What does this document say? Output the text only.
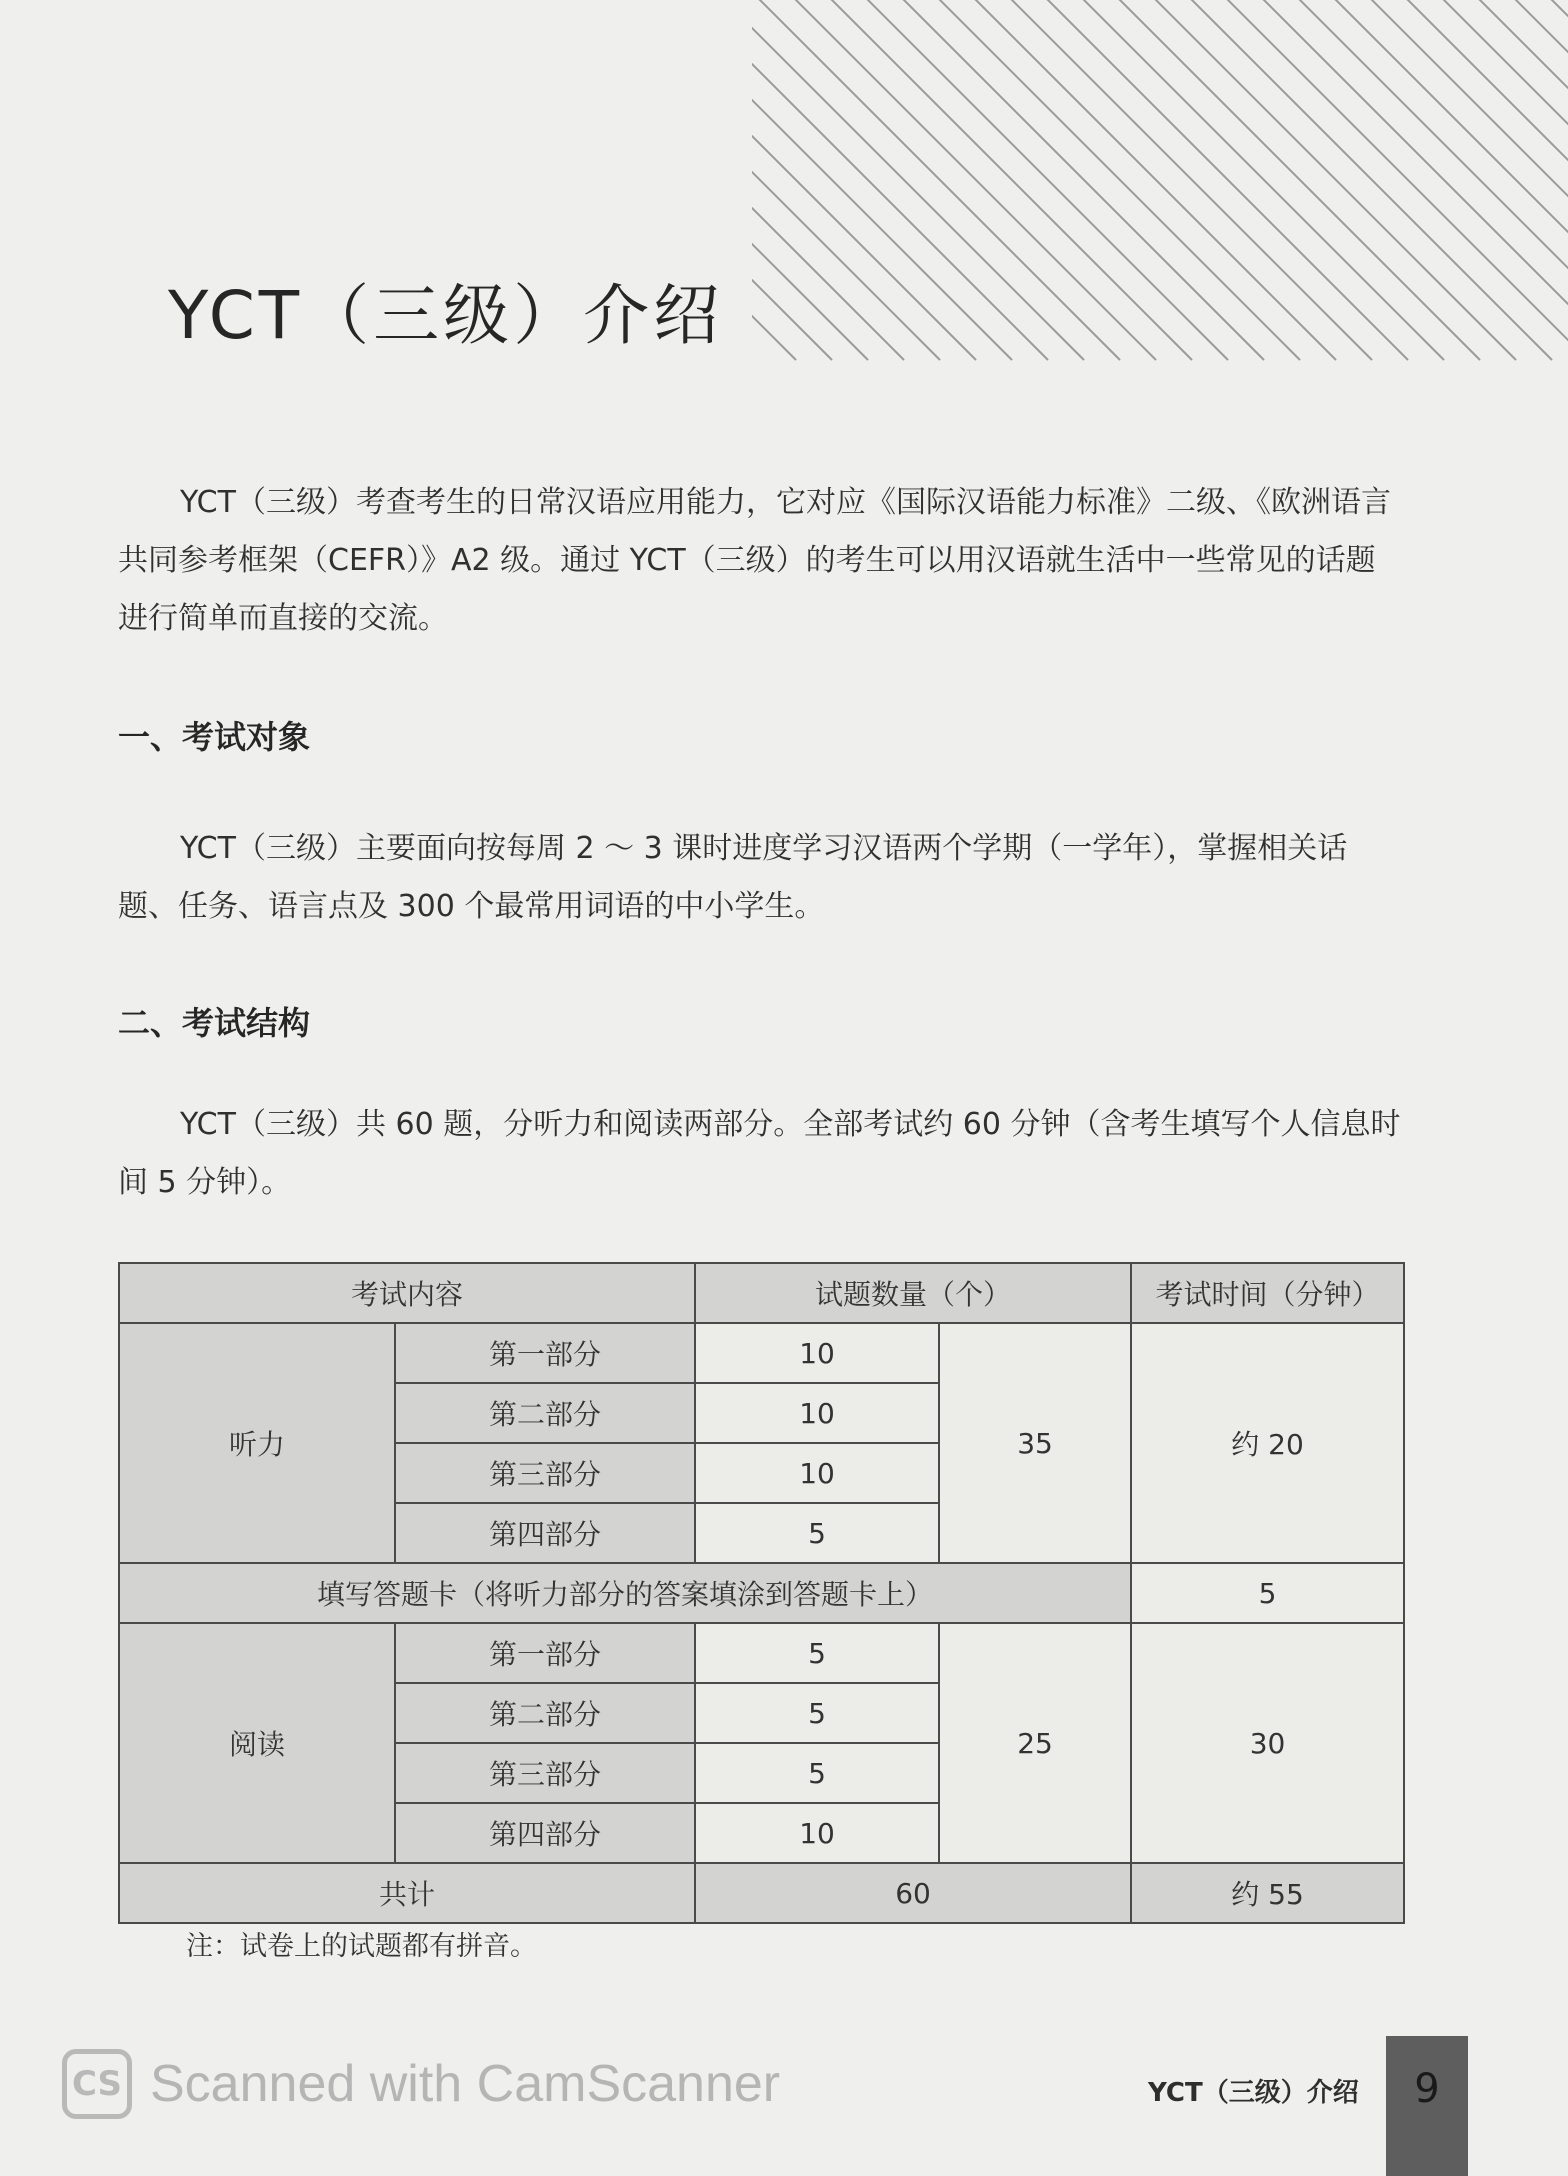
YCT（三级）介绍

YCT（三级）考查考生的日常汉语应用能力，它对应《国际汉语能力标准》二级、《欧洲语言共同参考框架（CEFR）》A2 级。通过 YCT（三级）的考生可以用汉语就生活中一些常见的话题进行简单而直接的交流。

一、考试对象

YCT（三级）主要面向按每周 2 ～ 3 课时进度学习汉语两个学期（一学年），掌握相关话题、任务、语言点及 300 个最常用词语的中小学生。

二、考试结构

YCT（三级）共 60 题，分听力和阅读两部分。全部考试约 60 分钟（含考生填写个人信息时间 5 分钟）。

考试内容		试题数量（个）		考试时间（分钟）
听力	第一部分	10	35	约 20
	第二部分	10		
	第三部分	10		
	第四部分	5		
填写答题卡（将听力部分的答案填涂到答题卡上）				5
阅读	第一部分	5	25	30
	第二部分	5		
	第三部分	5		
	第四部分	10		
共计		60		约 55
注：试卷上的试题都有拼音。
CS Scanned with CamScanner	YCT（三级）介绍 9
